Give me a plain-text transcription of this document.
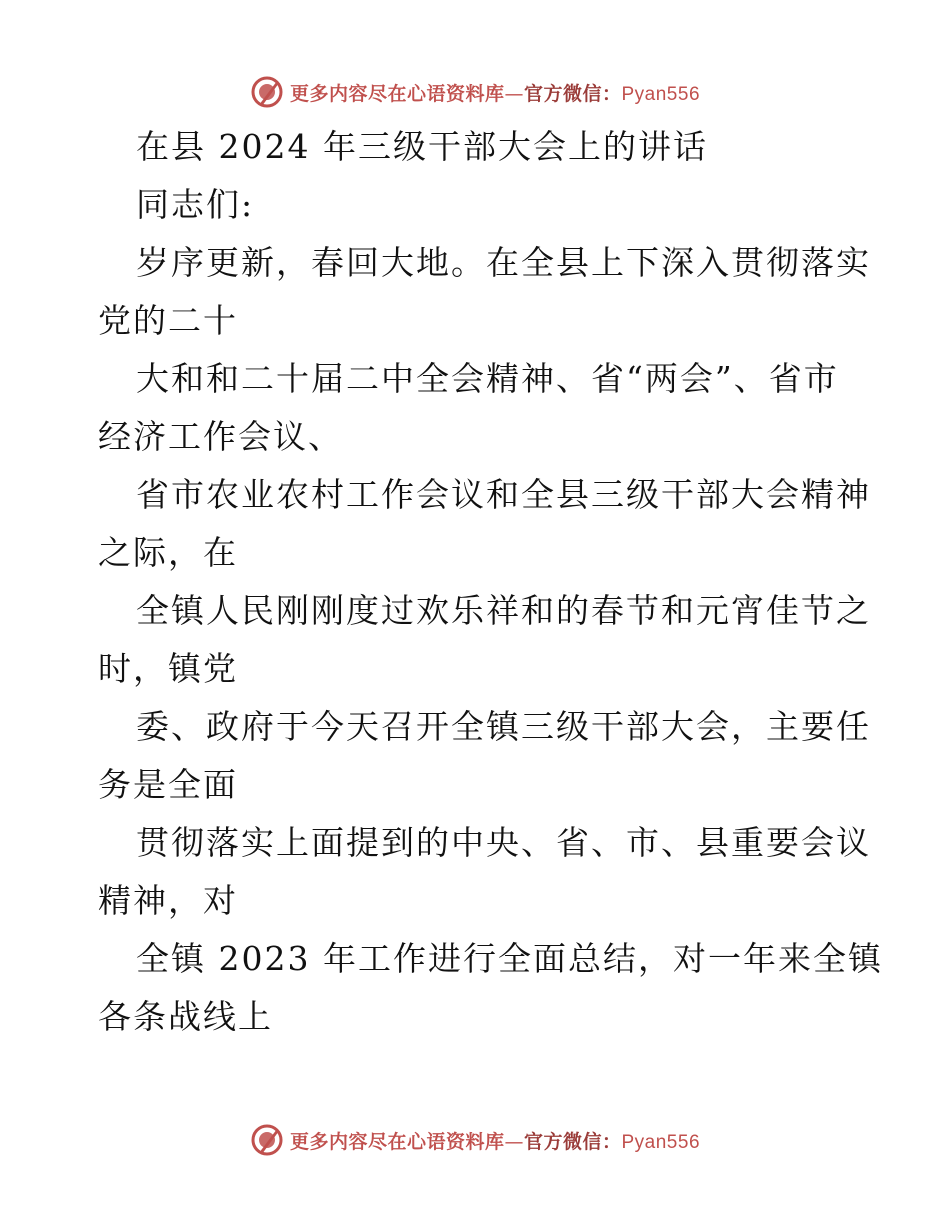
更多内容尽在心语资料库—官方微信：Pyan556
在县 2024 年三级干部大会上的讲话
同志们:
岁序更新，春回大地。在全县上下深入贯彻落实
党的二十
大和和二十届二中全会精神、省“两会”、省市
经济工作会议、
省市农业农村工作会议和全县三级干部大会精神
之际，在
全镇人民刚刚度过欢乐祥和的春节和元宵佳节之
时，镇党
委、政府于今天召开全镇三级干部大会，主要任
务是全面
贯彻落实上面提到的中央、省、市、县重要会议
精神，对
全镇 2023 年工作进行全面总结，对一年来全镇
各条战线上
更多内容尽在心语资料库—官方微信：Pyan556
